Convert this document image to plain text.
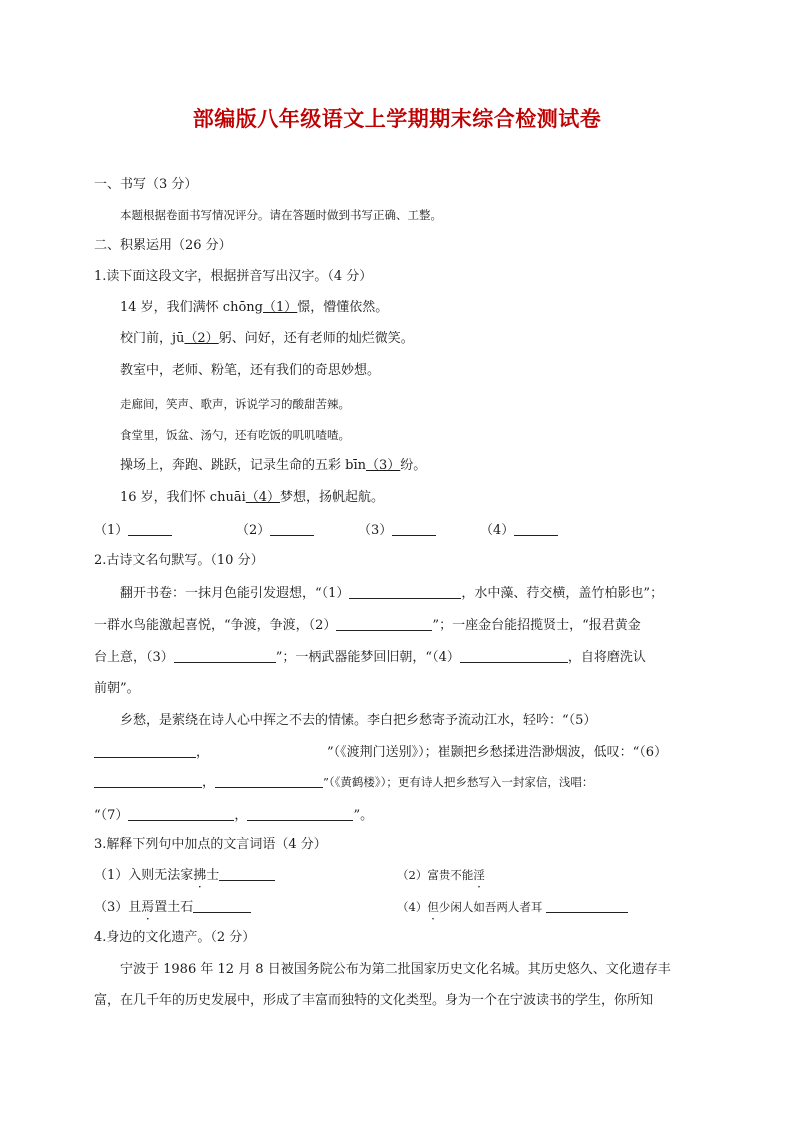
部编版八年级语文上学期期末综合检测试卷
一、书写（3 分）
本题根据卷面书写情况评分。请在答题时做到书写正确、工整。
二、积累运用（26 分）
1.读下面这段文字，根据拼音写出汉字。（4 分）
14 岁，我们满怀 chōng（1）憬，懵懂依然。
校门前，jū（2）躬、问好，还有老师的灿烂微笑。
教室中，老师、粉笔，还有我们的奇思妙想。
走廊间，笑声、歌声，诉说学习的酸甜苦辣。
食堂里，饭盆、汤勺，还有吃饭的叽叽喳喳。
操场上，奔跑、跳跃，记录生命的五彩 bīn（3）纷。
16 岁，我们怀 chuāi（4）梦想，扬帆起航。
（1）	（2）	（3）	（4）
2.古诗文名句默写。（10 分）
翻开书卷：一抹月色能引发遐想，“（1）	，水中藻、荇交横，盖竹柏影也”；
一群水鸟能激起喜悦，“争渡，争渡，（2）	”；一座金台能招揽贤士，“报君黄金
台上意，（3）	”；一柄武器能梦回旧朝，“（4）	，自将磨洗认
前朝”。
乡愁，是萦绕在诗人心中挥之不去的情愫。李白把乡愁寄予流动江水，轻吟：“（5）
，	”（《渡荆门送别》）；崔颢把乡愁揉进浩渺烟波，低叹：“（6）
，	”（《黄鹤楼》）；更有诗人把乡愁写入一封家信，浅唱：
“（7）	，	”。
3.解释下列句中加点的文言词语（4 分）
（1）入则无法家拂士	（2）富贵不能淫
（3）且焉置土石	（4）但少闲人如吾两人者耳
4.身边的文化遗产。（2 分）
宁波于 1986 年 12 月 8 日被国务院公布为第二批国家历史文化名城。其历史悠久、文化遗存丰
富，在几千年的历史发展中，形成了丰富而独特的文化类型。身为一个在宁波读书的学生，你所知
